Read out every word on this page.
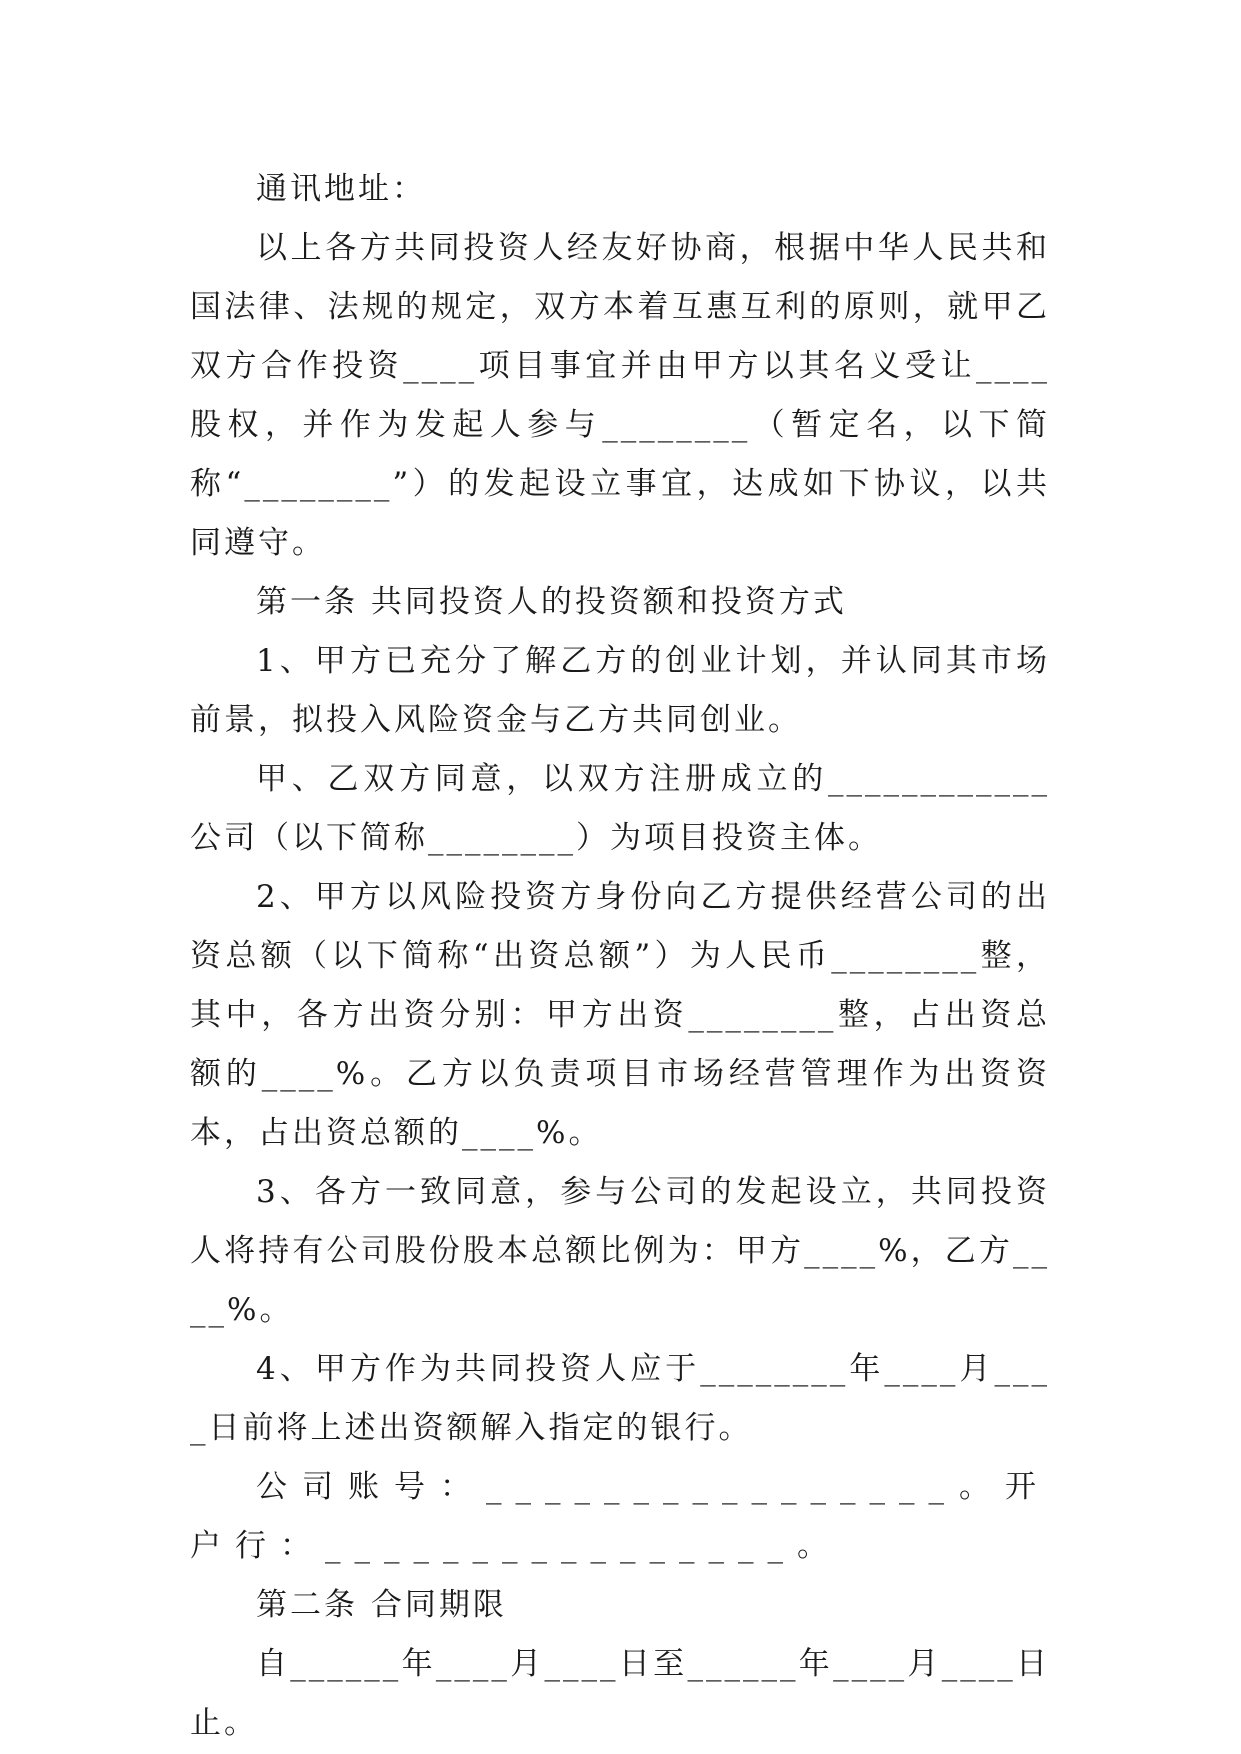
通讯地址：

以上各方共同投资人经友好协商，根据中华人民共和国法律、法规的规定，双方本着互惠互利的原则，就甲乙双方合作投资____项目事宜并由甲方以其名义受让____股权，并作为发起人参与________（暂定名，以下简称“________”）的发起设立事宜，达成如下协议，以共同遵守。

第一条 共同投资人的投资额和投资方式

1、甲方已充分了解乙方的创业计划，并认同其市场前景，拟投入风险资金与乙方共同创业。

甲、乙双方同意，以双方注册成立的____________公司（以下简称________）为项目投资主体。

2、甲方以风险投资方身份向乙方提供经营公司的出资总额（以下简称“出资总额”）为人民币________整，其中，各方出资分别：甲方出资________整，占出资总额的____%。乙方以负责项目市场经营管理作为出资资本，占出资总额的____%。

3、各方一致同意，参与公司的发起设立，共同投资人将持有公司股份股本总额比例为：甲方____%，乙方____%。

4、甲方作为共同投资人应于________年____月____日前将上述出资额解入指定的银行。

公司账号：________________。开户行：________________。

第二条 合同期限

自______年____月____日至______年____月____日止。
